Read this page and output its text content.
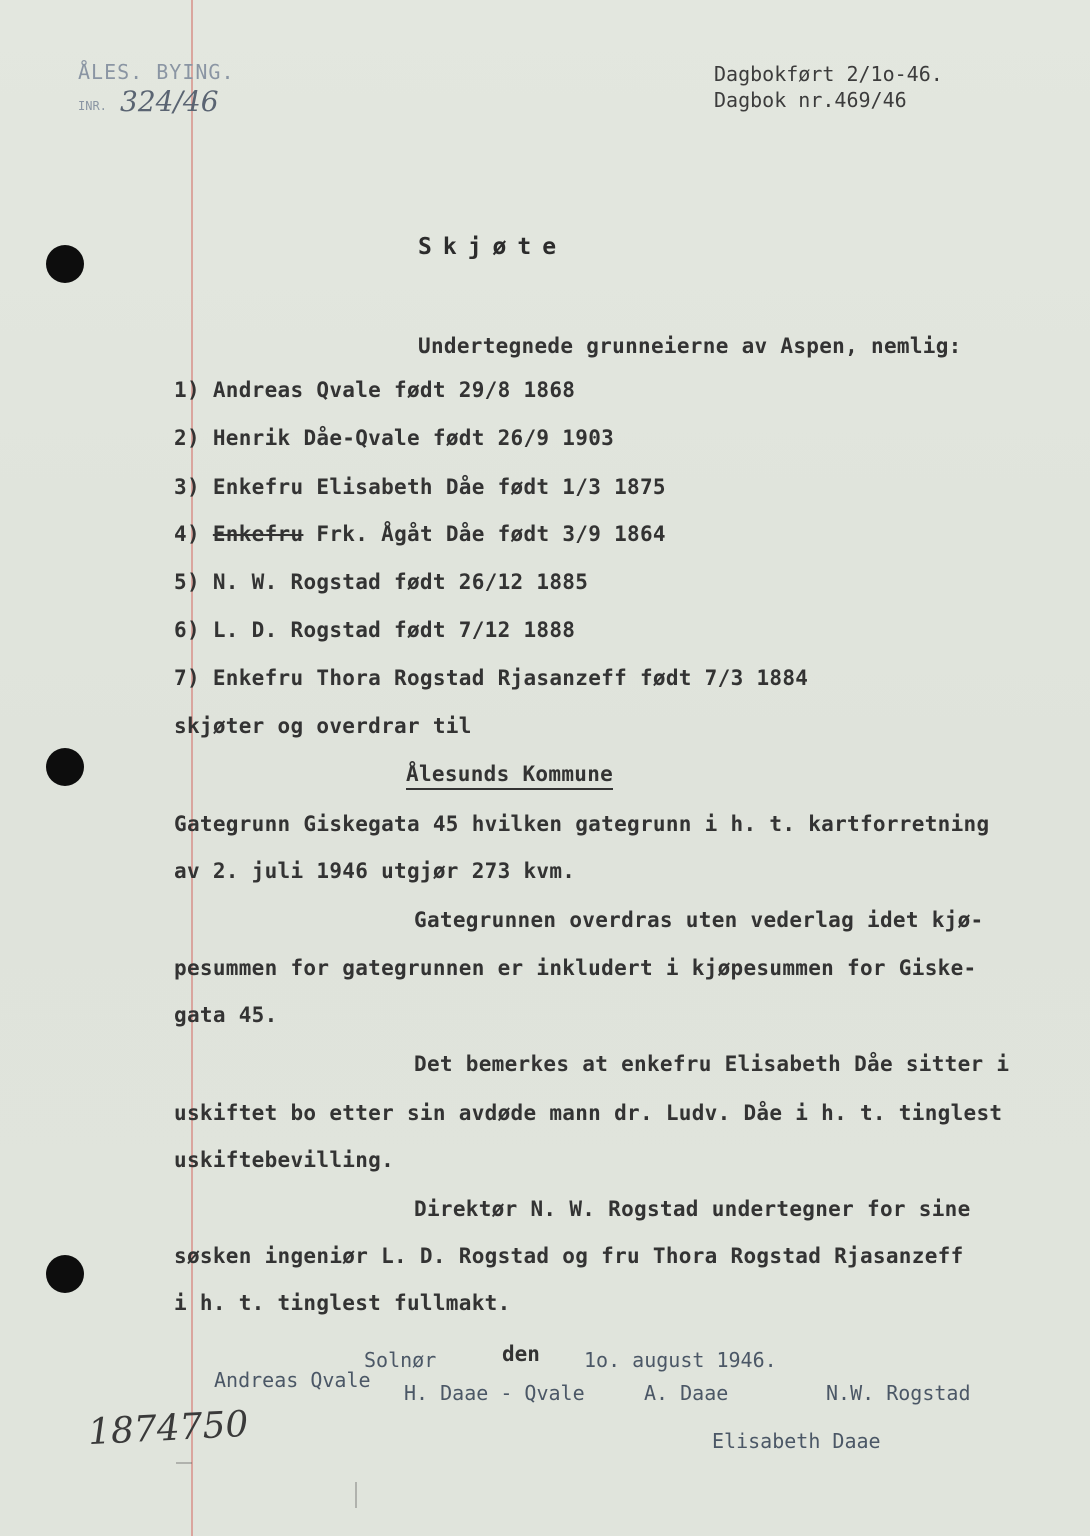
ÅLES. BYING.
INR. 324/46
Dagbokført 2/1o-46.
Dagbok nr.469/46
Skjøte
Undertegnede grunneierne av Aspen, nemlig:
1) Andreas Qvale født 29/8 1868
2) Henrik Dåe-Qvale født 26/9 1903
3) Enkefru Elisabeth Dåe født 1/3 1875
4) Enkefru Frk. Ågåt Dåe født 3/9 1864
5) N. W. Rogstad født 26/12 1885
6) L. D. Rogstad født 7/12 1888
7) Enkefru Thora Rogstad Rjasanzeff født 7/3 1884
skjøter og overdrar til
Ålesunds Kommune
Gategrunn Giskegata 45 hvilken gategrunn i h. t. kartforretning
av 2. juli 1946 utgjør 273 kvm.
Gategrunnen overdras uten vederlag idet kjø-
pesummen for gategrunnen er inkludert i kjøpesummen for Giske-
gata 45.
Det bemerkes at enkefru Elisabeth Dåe sitter i
uskiftet bo etter sin avdøde mann dr. Ludv. Dåe i h. t. tinglest
uskiftebevilling.
Direktør N. W. Rogstad undertegner for sine
søsken ingeniør L. D. Rogstad og fru Thora Rogstad Rjasanzeff
i h. t. tinglest fullmakt.
Solnør	den 1o. august 1946.
Andreas Qvale
H. Daae - Qvale	A. Daae	N.W. Rogstad
Elisabeth Daae
1874750
